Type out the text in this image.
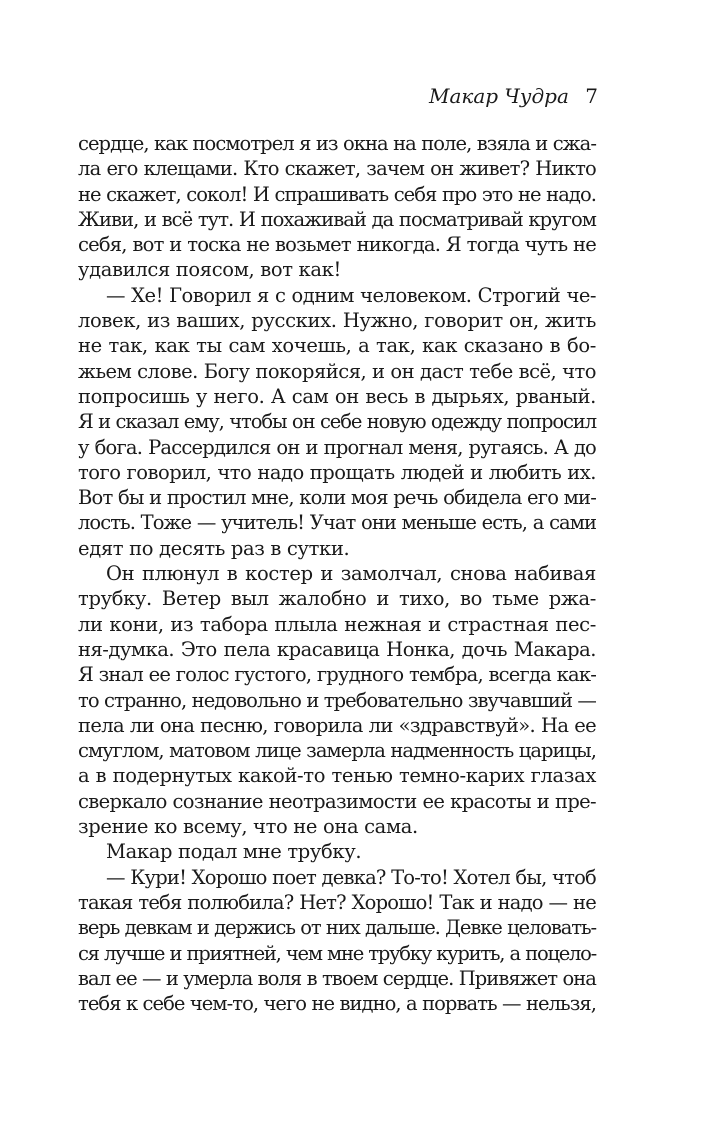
Макар Чудра 7
сердце, как посмотрел я из окна на поле, взяла и сжа-
ла его клещами. Кто скажет, зачем он живет? Никто
не скажет, сокол! И спрашивать себя про это не надо.
Живи, и всё тут. И похаживай да посматривай кругом
себя, вот и тоска не возьмет никогда. Я тогда чуть не
удавился поясом, вот как!
— Хе! Говорил я с одним человеком. Строгий че-
ловек, из ваших, русских. Нужно, говорит он, жить
не так, как ты сам хочешь, а так, как сказано в бо-
жьем слове. Богу покоряйся, и он даст тебе всё, что
попросишь у него. А сам он весь в дырьях, рваный.
Я и сказал ему, чтобы он себе новую одежду попросил
у бога. Рассердился он и прогнал меня, ругаясь. А до
того говорил, что надо прощать людей и любить их.
Вот бы и простил мне, коли моя речь обидела его ми-
лость. Тоже — учитель! Учат они меньше есть, а сами
едят по десять раз в сутки.
Он плюнул в костер и замолчал, снова набивая
трубку. Ветер выл жалобно и тихо, во тьме ржа-
ли кони, из табора плыла нежная и страстная пес-
ня-думка. Это пела красавица Нонка, дочь Макара.
Я знал ее голос густого, грудного тембра, всегда как-
то странно, недовольно и требовательно звучавший —
пела ли она песню, говорила ли «здравствуй». На ее
смуглом, матовом лице замерла надменность царицы,
а в подернутых какой-то тенью темно-карих глазах
сверкало сознание неотразимости ее красоты и пре-
зрение ко всему, что не она сама.
Макар подал мне трубку.
— Кури! Хорошо поет девка? То-то! Хотел бы, чтоб
такая тебя полюбила? Нет? Хорошо! Так и надо — не
верь девкам и держись от них дальше. Девке целовать-
ся лучше и приятней, чем мне трубку курить, а поцело-
вал ее — и умерла воля в твоем сердце. Привяжет она
тебя к себе чем-то, чего не видно, а порвать — нельзя,
